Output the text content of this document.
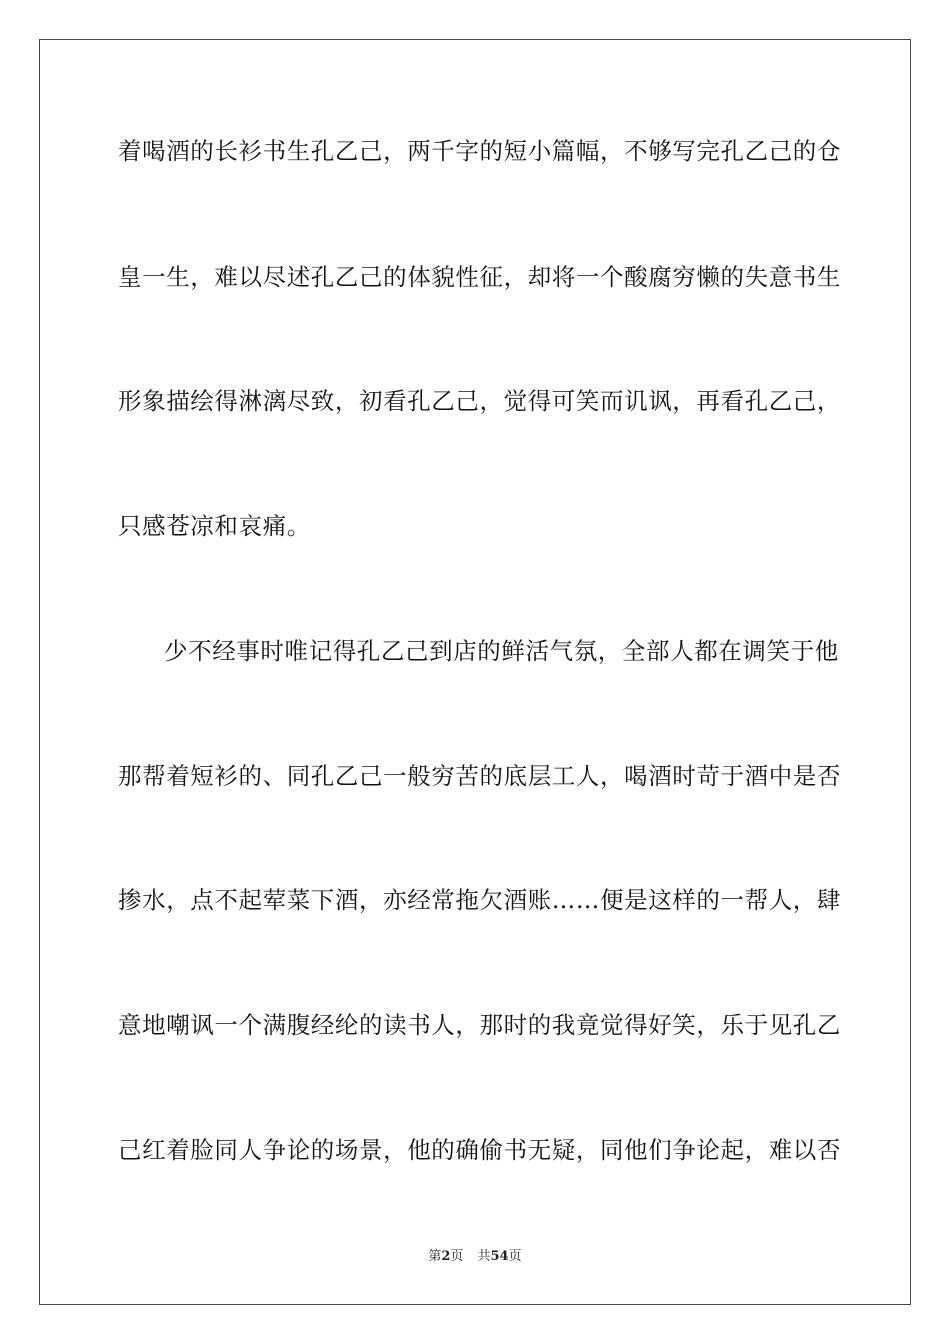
着喝酒的长衫书生孔乙己，两千字的短小篇幅，不够写完孔乙己的仓
皇一生，难以尽述孔乙己的体貌性征，却将一个酸腐穷懒的失意书生
形象描绘得淋漓尽致，初看孔乙己，觉得可笑而讥讽，再看孔乙己，
只感苍凉和哀痛。
少不经事时唯记得孔乙己到店的鲜活气氛，全部人都在调笑于他
那帮着短衫的、同孔乙己一般穷苦的底层工人，喝酒时苛于酒中是否
掺水，点不起荤菜下酒，亦经常拖欠酒账……便是这样的一帮人，肆
意地嘲讽一个满腹经纶的读书人，那时的我竟觉得好笑，乐于见孔乙
己红着脸同人争论的场景，他的确偷书无疑，同他们争论起，难以否
第2页 共54页
